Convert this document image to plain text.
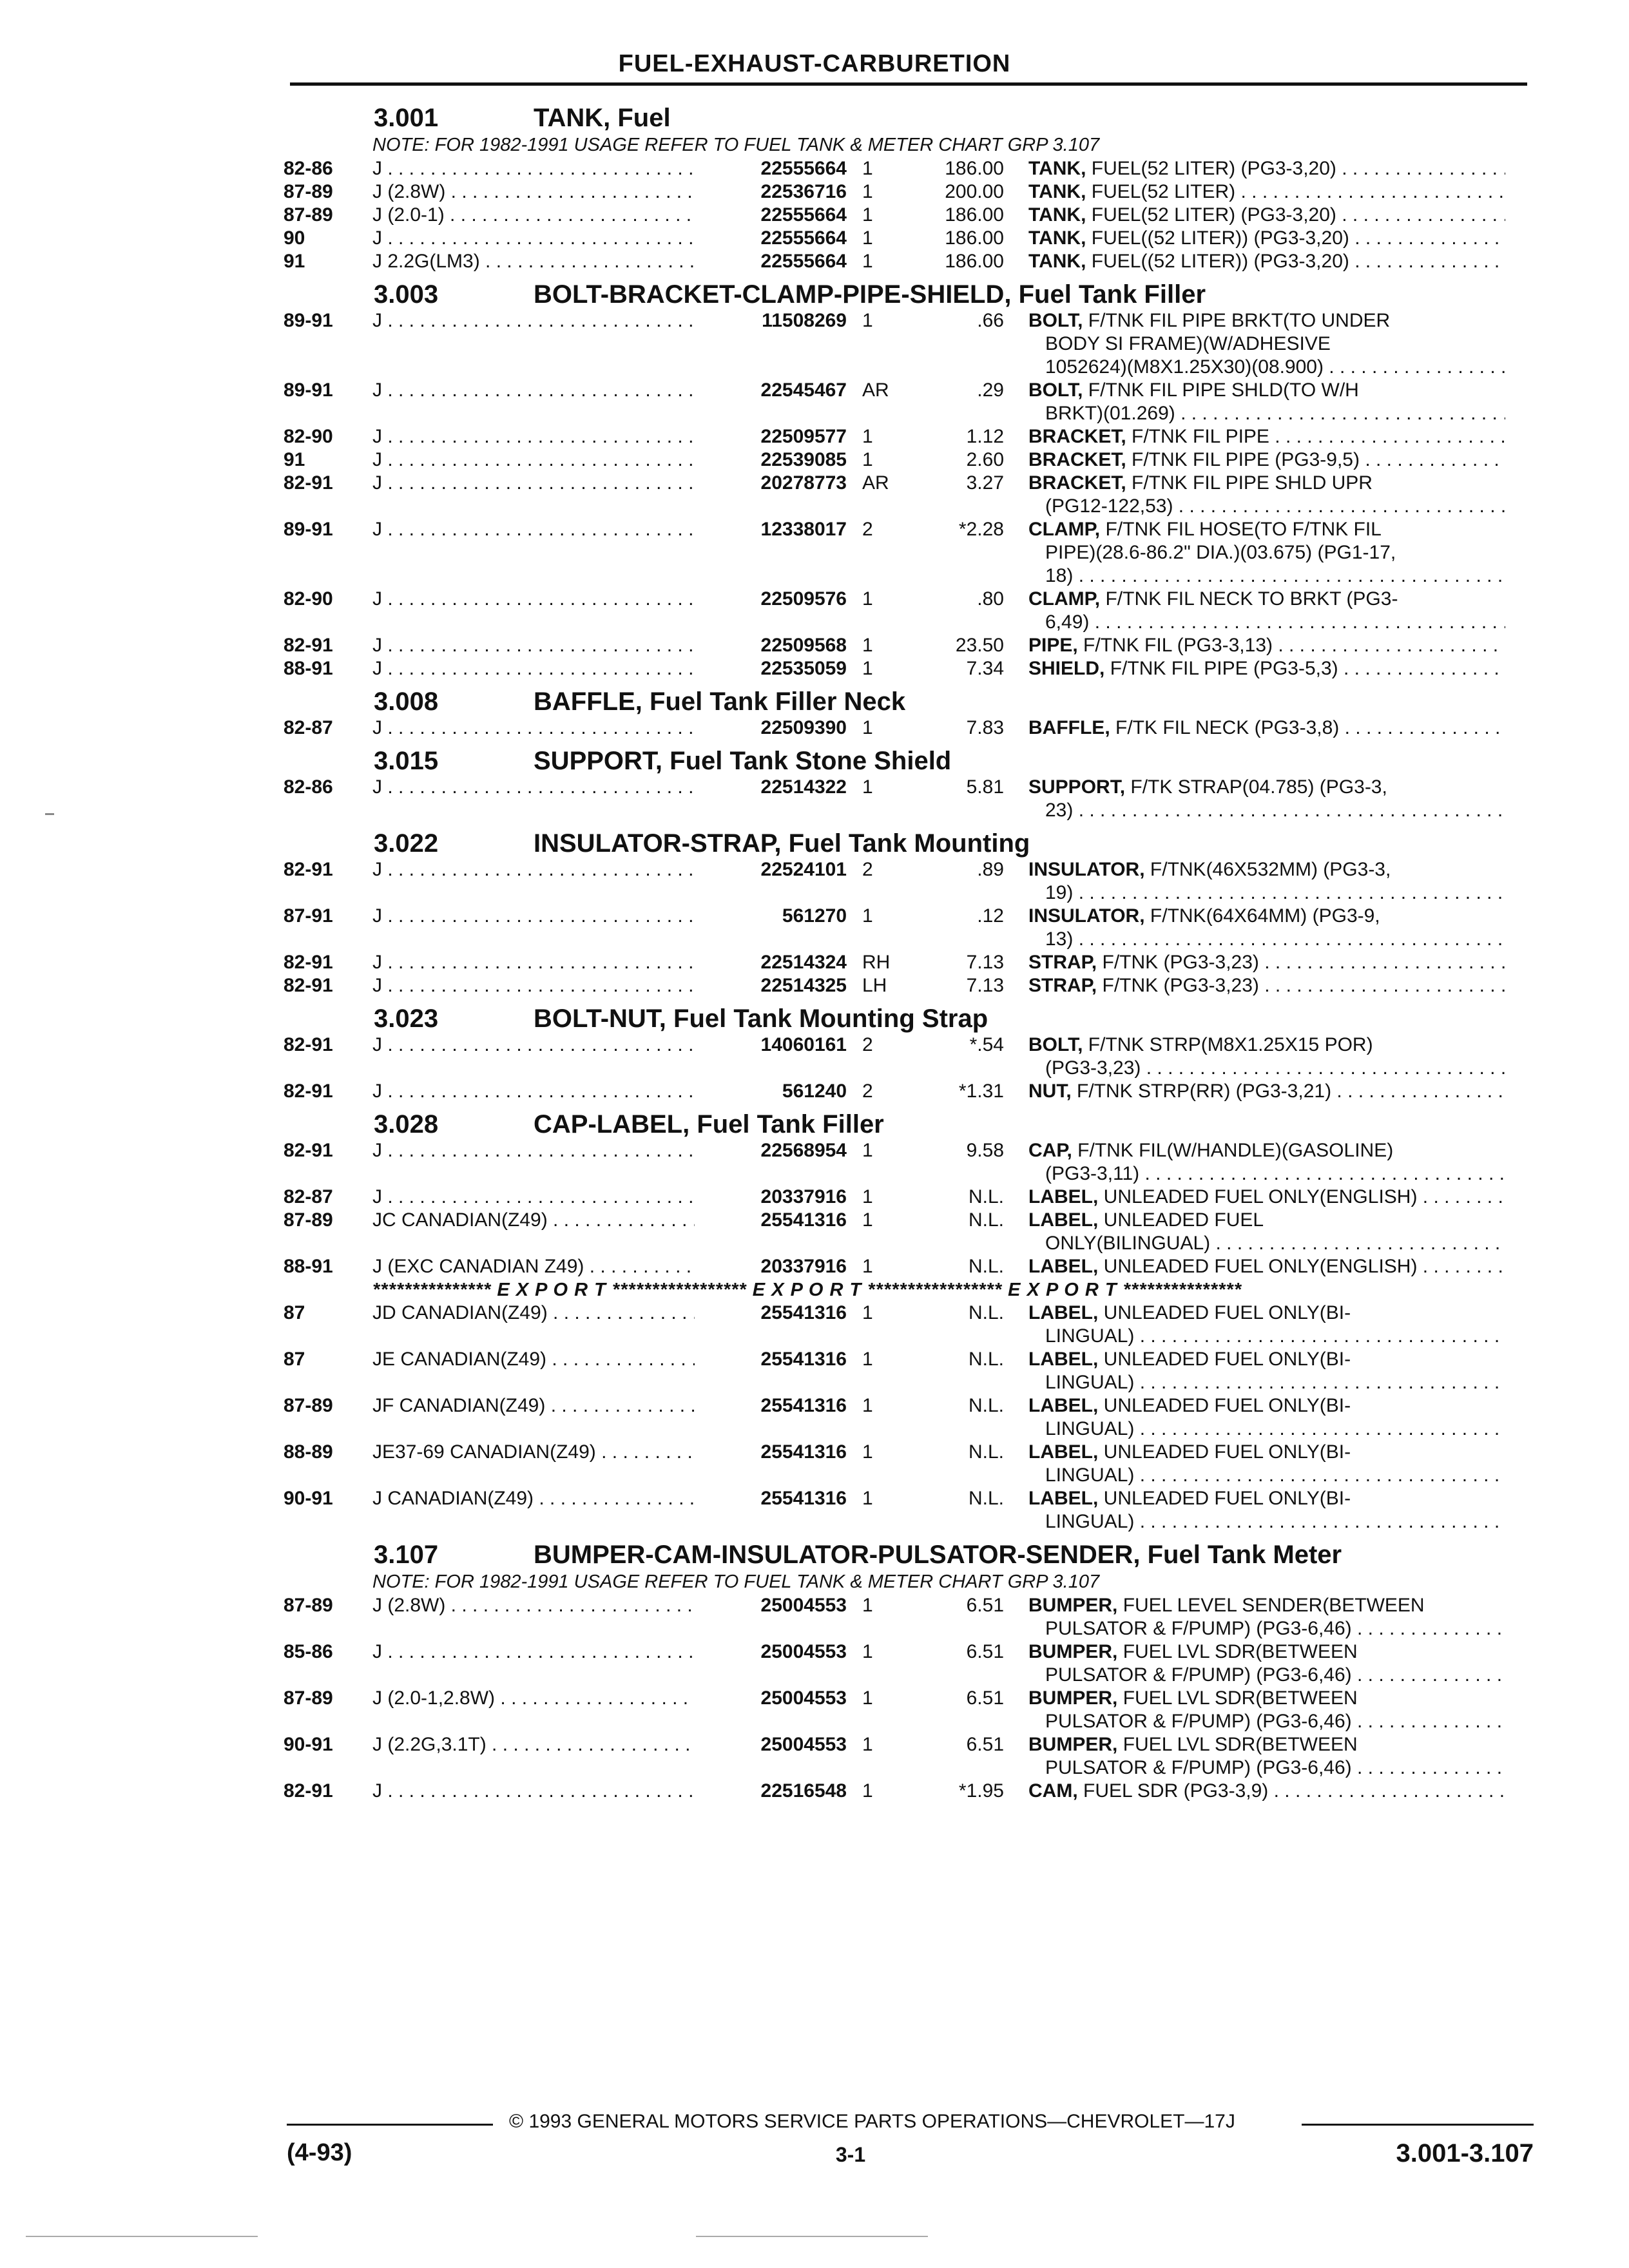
FUEL-EXHAUST-CARBURETION
3.001	TANK, Fuel
NOTE: FOR 1982-1991 USAGE REFER TO FUEL TANK & METER CHART GRP 3.107
82-86	J . . .	22555664 1	186.00	TANK, FUEL(52 LITER) (PG3-3,20) . . .
87-89	J (2.8W) . . .	22536716 1	200.00	TANK, FUEL(52 LITER) . . .
87-89	J (2.0-1) . . .	22555664 1	186.00	TANK, FUEL(52 LITER) (PG3-3,20) . . .
90	J . . .	22555664 1	186.00	TANK, FUEL((52 LITER)) (PG3-3,20) . . .
91	J 2.2G(LM3) . . .	22555664 1	186.00	TANK, FUEL((52 LITER)) (PG3-3,20) . . .
3.003	BOLT-BRACKET-CLAMP-PIPE-SHIELD, Fuel Tank Filler
89-91	J . . .	11508269 1	.66	BOLT, F/TNK FIL PIPE BRKT(TO UNDER
BODY SI FRAME)(W/ADHESIVE
1052624)(M8X1.25X30)(08.900) . . .
89-91	J . . .	22545467 AR	.29	BOLT, F/TNK FIL PIPE SHLD(TO W/H
BRKT)(01.269) . . .
82-90	J . . .	22509577 1	1.12	BRACKET, F/TNK FIL PIPE . . .
91	J . . .	22539085 1	2.60	BRACKET, F/TNK FIL PIPE (PG3-9,5) . . .
82-91	J . . .	20278773 AR	3.27	BRACKET, F/TNK FIL PIPE SHLD UPR
(PG12-122,53) . . .
89-91	J . . .	12338017 2	*2.28	CLAMP, F/TNK FIL HOSE(TO F/TNK FIL
PIPE)(28.6-86.2" DIA.)(03.675) (PG1-17,
18) . . .
82-90	J . . .	22509576 1	.80	CLAMP, F/TNK FIL NECK TO BRKT (PG3-
6,49) . . .
82-91	J . . .	22509568 1	23.50	PIPE, F/TNK FIL (PG3-3,13) . . .
88-91	J . . .	22535059 1	7.34	SHIELD, F/TNK FIL PIPE (PG3-5,3) . . .
3.008	BAFFLE, Fuel Tank Filler Neck
82-87	J . . .	22509390 1	7.83	BAFFLE, F/TK FIL NECK (PG3-3,8) . . .
3.015	SUPPORT, Fuel Tank Stone Shield
82-86	J . . .	22514322 1	5.81	SUPPORT, F/TK STRAP(04.785) (PG3-3,
23) . . .
3.022	INSULATOR-STRAP, Fuel Tank Mounting
82-91	J . . .	22524101 2	.89	INSULATOR, F/TNK(46X532MM) (PG3-3,
19) . . .
87-91	J . . .	561270 1	.12	INSULATOR, F/TNK(64X64MM) (PG3-9,
13) . . .
82-91	J . . .	22514324 RH	7.13	STRAP, F/TNK (PG3-3,23) . . .
82-91	J . . .	22514325 LH	7.13	STRAP, F/TNK (PG3-3,23) . . .
3.023	BOLT-NUT, Fuel Tank Mounting Strap
82-91	J . . .	14060161 2	*.54	BOLT, F/TNK STRP(M8X1.25X15 POR)
(PG3-3,23) . . .
82-91	J . . .	561240 2	*1.31	NUT, F/TNK STRP(RR) (PG3-3,21) . . .
3.028	CAP-LABEL, Fuel Tank Filler
82-91	J . . .	22568954 1	9.58	CAP, F/TNK FIL(W/HANDLE)(GASOLINE)
(PG3-3,11) . . .
82-87	J . . .	20337916 1	N.L.	LABEL, UNLEADED FUEL ONLY(ENGLISH) . . .
87-89	JC CANADIAN(Z49) . . .	25541316 1	N.L.	LABEL, UNLEADED FUEL
ONLY(BILINGUAL) . . .
88-91	J (EXC CANADIAN Z49) . . .	20337916 1	N.L.	LABEL, UNLEADED FUEL ONLY(ENGLISH) . . .
*************** E X P O R T ***************** E X P O R T ***************** E X P O R T ***************
87	JD CANADIAN(Z49) . . .	25541316 1	N.L.	LABEL, UNLEADED FUEL ONLY(BI-
LINGUAL) . . .
87	JE CANADIAN(Z49) . . .	25541316 1	N.L.	LABEL, UNLEADED FUEL ONLY(BI-
LINGUAL) . . .
87-89	JF CANADIAN(Z49) . . .	25541316 1	N.L.	LABEL, UNLEADED FUEL ONLY(BI-
LINGUAL) . . .
88-89	JE37-69 CANADIAN(Z49) . . .	25541316 1	N.L.	LABEL, UNLEADED FUEL ONLY(BI-
LINGUAL) . . .
90-91	J CANADIAN(Z49) . . .	25541316 1	N.L.	LABEL, UNLEADED FUEL ONLY(BI-
LINGUAL) . . .
3.107	BUMPER-CAM-INSULATOR-PULSATOR-SENDER, Fuel Tank Meter
NOTE: FOR 1982-1991 USAGE REFER TO FUEL TANK & METER CHART GRP 3.107
87-89	J (2.8W) . . .	25004553 1	6.51	BUMPER, FUEL LEVEL SENDER(BETWEEN
PULSATOR & F/PUMP) (PG3-6,46) . . .
85-86	J . . .	25004553 1	6.51	BUMPER, FUEL LVL SDR(BETWEEN
PULSATOR & F/PUMP) (PG3-6,46) . . .
87-89	J (2.0-1,2.8W) . . .	25004553 1	6.51	BUMPER, FUEL LVL SDR(BETWEEN
PULSATOR & F/PUMP) (PG3-6,46) . . .
90-91	J (2.2G,3.1T) . . .	25004553 1	6.51	BUMPER, FUEL LVL SDR(BETWEEN
PULSATOR & F/PUMP) (PG3-6,46) . . .
82-91	J . . .	22516548 1	*1.95	CAM, FUEL SDR (PG3-3,9) . . .
© 1993 GENERAL MOTORS SERVICE PARTS OPERATIONS—CHEVROLET—17J
(4-93)	3-1	3.001-3.107
